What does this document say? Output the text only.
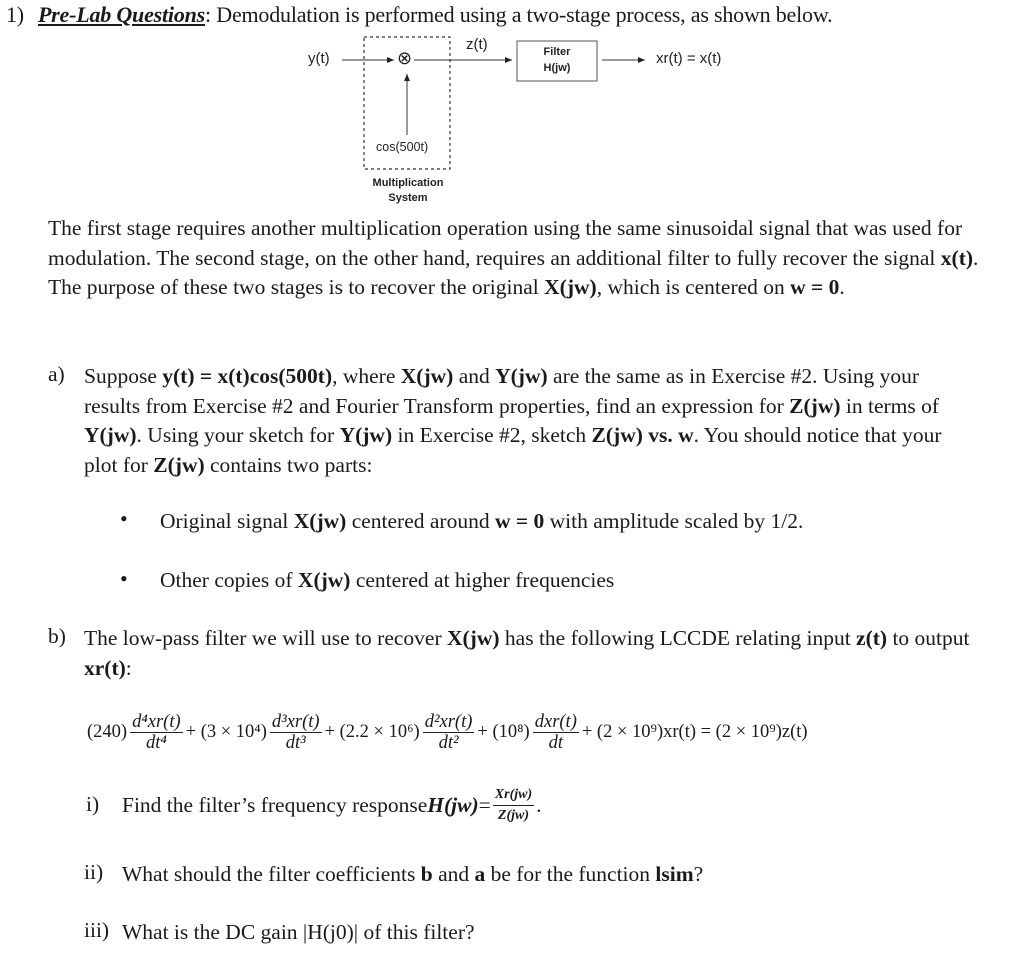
1) Pre-Lab Questions: Demodulation is performed using a two-stage process, as shown below.
y(t)	⊗
z(t)	Filter
H(jw)
xr(t) = x(t)
cos(500t)
Multiplication
System
The first stage requires another multiplication operation using the same sinusoidal signal that was used for modulation. The second stage, on the other hand, requires an additional filter to fully recover the signal x(t). The purpose of these two stages is to recover the original X(jw), which is centered on w = 0.
a) Suppose y(t) = x(t)cos(500t), where X(jw) and Y(jw) are the same as in Exercise #2. Using your results from Exercise #2 and Fourier Transform properties, find an expression for Z(jw) in terms of Y(jw). Using your sketch for Y(jw) in Exercise #2, sketch Z(jw) vs. w. You should notice that your plot for Z(jw) contains two parts:
• Original signal X(jw) centered around w = 0 with amplitude scaled by 1/2.
• Other copies of X(jw) centered at higher frequencies
b) The low-pass filter we will use to recover X(jw) has the following LCCDE relating input z(t) to output xr(t):
$(240) \frac{\text{d⁴xr(t)}}{\text{dt⁴}} + (3 \times 10^4) \frac{\text{d³xr(t)}}{\text{dt³}} + (2.2 \times 10^6) \frac{\text{d²xr(t)}}{\text{dt²}} + (10^8) \frac{\text{dxr(t)}}{dt} + (2 \times 10^9)xr(t) = (2 \times 10^9)z(t)$
i) Find the filter’s frequency response $H(jw) = \frac{Xr(jw)}{Z(jw)}$ .
ii) What should the filter coefficients b and a be for the function lsim?
iii) What is the DC gain |H(j0)| of this filter?
